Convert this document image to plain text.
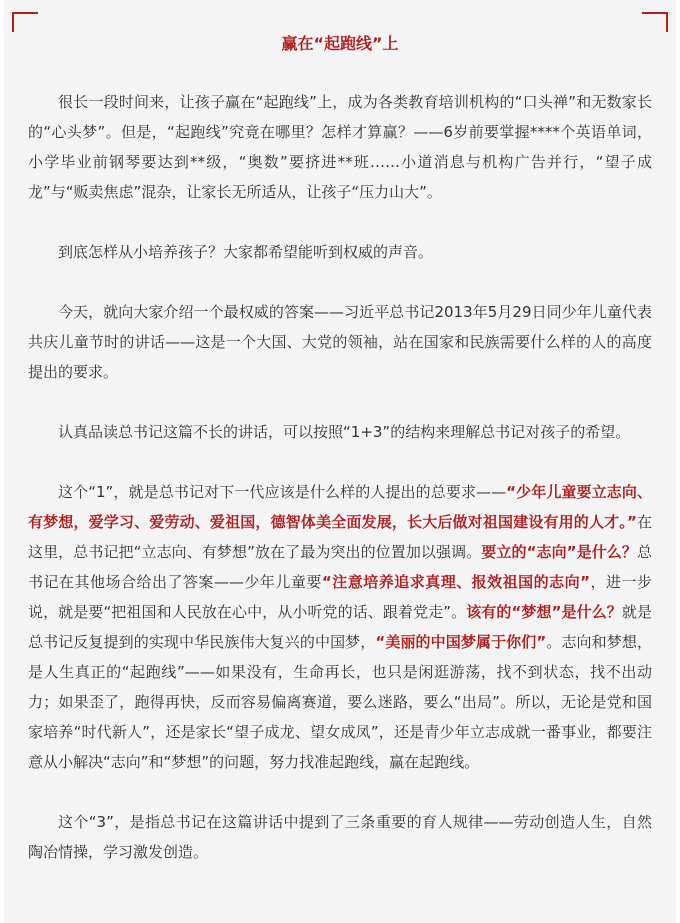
赢在“起跑线”上

很长一段时间来，让孩子赢在“起跑线”上，成为各类教育培训机构的“口头禅”和无数家长的“心头梦”。但是，“起跑线”究竟在哪里？怎样才算赢？——6岁前要掌握****个英语单词，小学毕业前钢琴要达到**级，“奥数”要挤进**班……小道消息与机构广告并行，“望子成龙”与“贩卖焦虑”混杂，让家长无所适从，让孩子“压力山大”。

到底怎样从小培养孩子？大家都希望能听到权威的声音。

今天，就向大家介绍一个最权威的答案——习近平总书记2013年5月29日同少年儿童代表共庆儿童节时的讲话——这是一个大国、大党的领袖，站在国家和民族需要什么样的人的高度提出的要求。

认真品读总书记这篇不长的讲话，可以按照“1+3”的结构来理解总书记对孩子的希望。

这个“1”，就是总书记对下一代应该是什么样的人提出的总要求——“少年儿童要立志向、有梦想，爱学习、爱劳动、爱祖国，德智体美全面发展，长大后做对祖国建设有用的人才。”在这里，总书记把“立志向、有梦想”放在了最为突出的位置加以强调。要立的“志向”是什么？总书记在其他场合给出了答案——少年儿童要“注意培养追求真理、报效祖国的志向”，进一步说，就是要“把祖国和人民放在心中，从小听党的话、跟着党走”。该有的“梦想”是什么？就是总书记反复提到的实现中华民族伟大复兴的中国梦，“美丽的中国梦属于你们”。志向和梦想，是人生真正的“起跑线”——如果没有，生命再长，也只是闲逛游荡，找不到状态，找不出动力；如果歪了，跑得再快，反而容易偏离赛道，要么迷路，要么“出局”。所以，无论是党和国家培养“时代新人”，还是家长“望子成龙、望女成凤”，还是青少年立志成就一番事业，都要注意从小解决“志向”和“梦想”的问题，努力找准起跑线，赢在起跑线。

这个“3”，是指总书记在这篇讲话中提到了三条重要的育人规律——劳动创造人生，自然陶冶情操，学习激发创造。
